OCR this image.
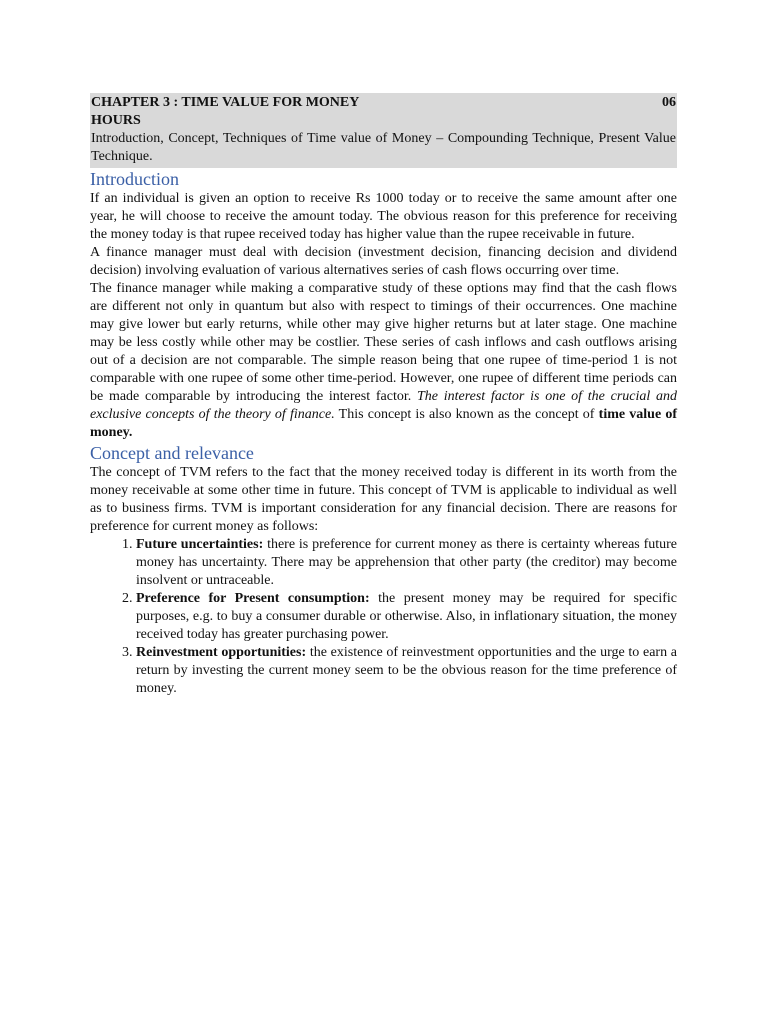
CHAPTER 3 : TIME VALUE FOR MONEY	06
HOURS
Introduction, Concept, Techniques of Time value of Money – Compounding Technique, Present Value Technique.
Introduction

If an individual is given an option to receive Rs 1000 today or to receive the same amount after one year, he will choose to receive the amount today. The obvious reason for this preference for receiving the money today is that rupee received today has higher value than the rupee receivable in future.

A finance manager must deal with decision (investment decision, financing decision and dividend decision) involving evaluation of various alternatives series of cash flows occurring over time.

The finance manager while making a comparative study of these options may find that the cash flows are different not only in quantum but also with respect to timings of their occurrences. One machine may give lower but early returns, while other may give higher returns but at later stage. One machine may be less costly while other may be costlier. These series of cash inflows and cash outflows arising out of a decision are not comparable. The simple reason being that one rupee of time-period 1 is not comparable with one rupee of some other time-period. However, one rupee of different time periods can be made comparable by introducing the interest factor. The interest factor is one of the crucial and exclusive concepts of the theory of finance. This concept is also known as the concept of time value of money.

Concept and relevance

The concept of TVM refers to the fact that the money received today is different in its worth from the money receivable at some other time in future. This concept of TVM is applicable to individual as well as to business firms. TVM is important consideration for any financial decision. There are reasons for preference for current money as follows:

1. Future uncertainties: there is preference for current money as there is certainty whereas future money has uncertainty. There may be apprehension that other party (the creditor) may become insolvent or untraceable.
2. Preference for Present consumption: the present money may be required for specific purposes, e.g. to buy a consumer durable or otherwise. Also, in inflationary situation, the money received today has greater purchasing power.
3. Reinvestment opportunities: the existence of reinvestment opportunities and the urge to earn a return by investing the current money seem to be the obvious reason for the time preference of money.
